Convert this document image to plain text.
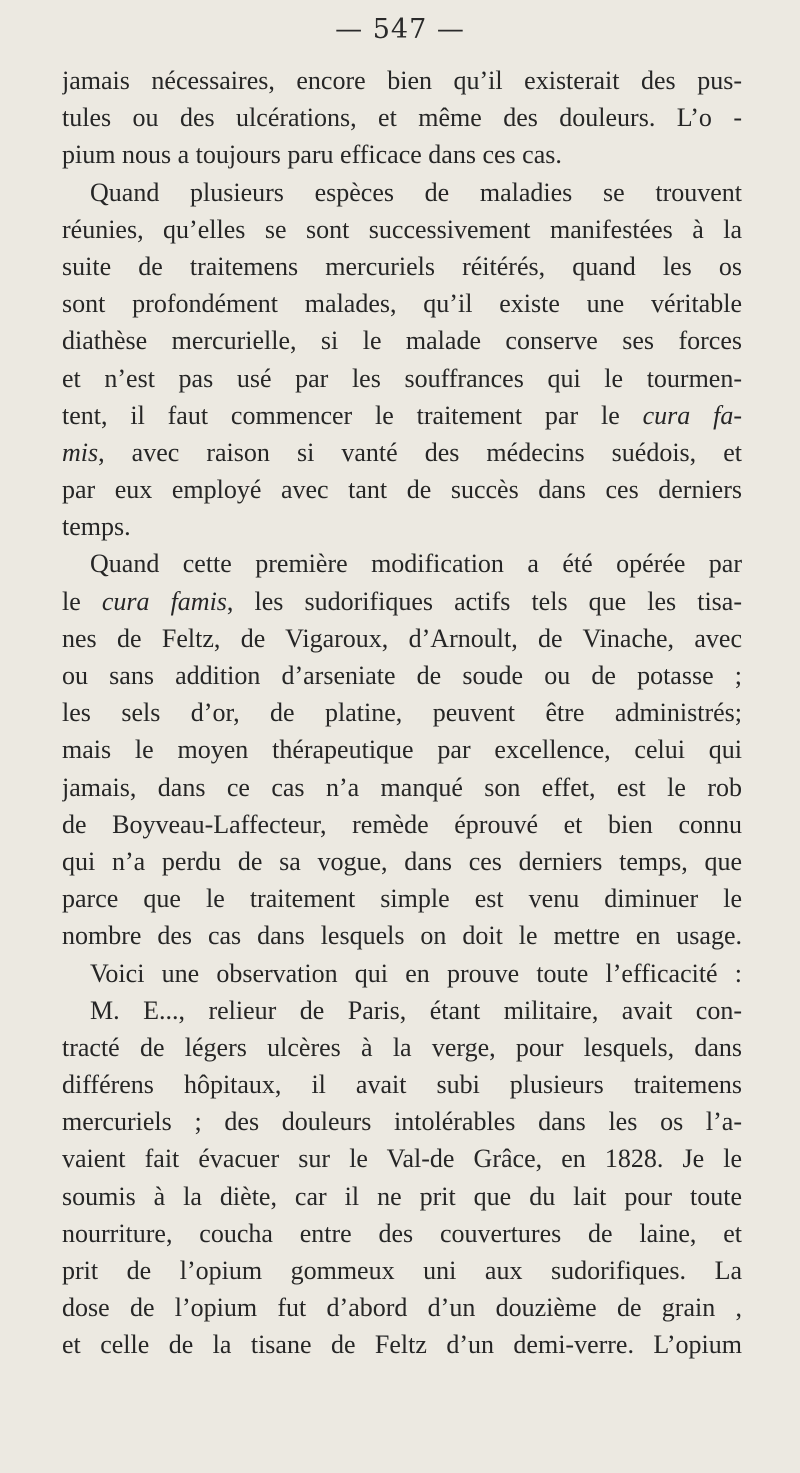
— 547 —
jamais nécessaires, encore bien qu’il existerait des pus-
tules ou des ulcérations, et même des douleurs. L’o -
pium nous a toujours paru efficace dans ces cas.
Quand plusieurs espèces de maladies se trouvent
réunies, qu’elles se sont successivement manifestées à la
suite de traitemens mercuriels réitérés, quand les os
sont profondément malades, qu’il existe une véritable
diathèse mercurielle, si le malade conserve ses forces
et n’est pas usé par les souffrances qui le tourmen-
tent, il faut commencer le traitement par le cura fa-
mis, avec raison si vanté des médecins suédois, et
par eux employé avec tant de succès dans ces derniers
temps.
Quand cette première modification a été opérée par
le cura famis, les sudorifiques actifs tels que les tisa-
nes de Feltz, de Vigaroux, d’Arnoult, de Vinache, avec
ou sans addition d’arseniate de soude ou de potasse ;
les sels d’or, de platine, peuvent être administrés;
mais le moyen thérapeutique par excellence, celui qui
jamais, dans ce cas n’a manqué son effet, est le rob
de Boyveau-Laffecteur, remède éprouvé et bien connu
qui n’a perdu de sa vogue, dans ces derniers temps, que
parce que le traitement simple est venu diminuer le
nombre des cas dans lesquels on doit le mettre en usage.
Voici une observation qui en prouve toute l’efficacité :
M. E..., relieur de Paris, étant militaire, avait con-
tracté de légers ulcères à la verge, pour lesquels, dans
différens hôpitaux, il avait subi plusieurs traitemens
mercuriels ; des douleurs intolérables dans les os l’a-
vaient fait évacuer sur le Val-de Grâce, en 1828. Je le
soumis à la diète, car il ne prit que du lait pour toute
nourriture, coucha entre des couvertures de laine, et
prit de l’opium gommeux uni aux sudorifiques. La
dose de l’opium fut d’abord d’un douzième de grain ,
et celle de la tisane de Feltz d’un demi-verre. L’opium
